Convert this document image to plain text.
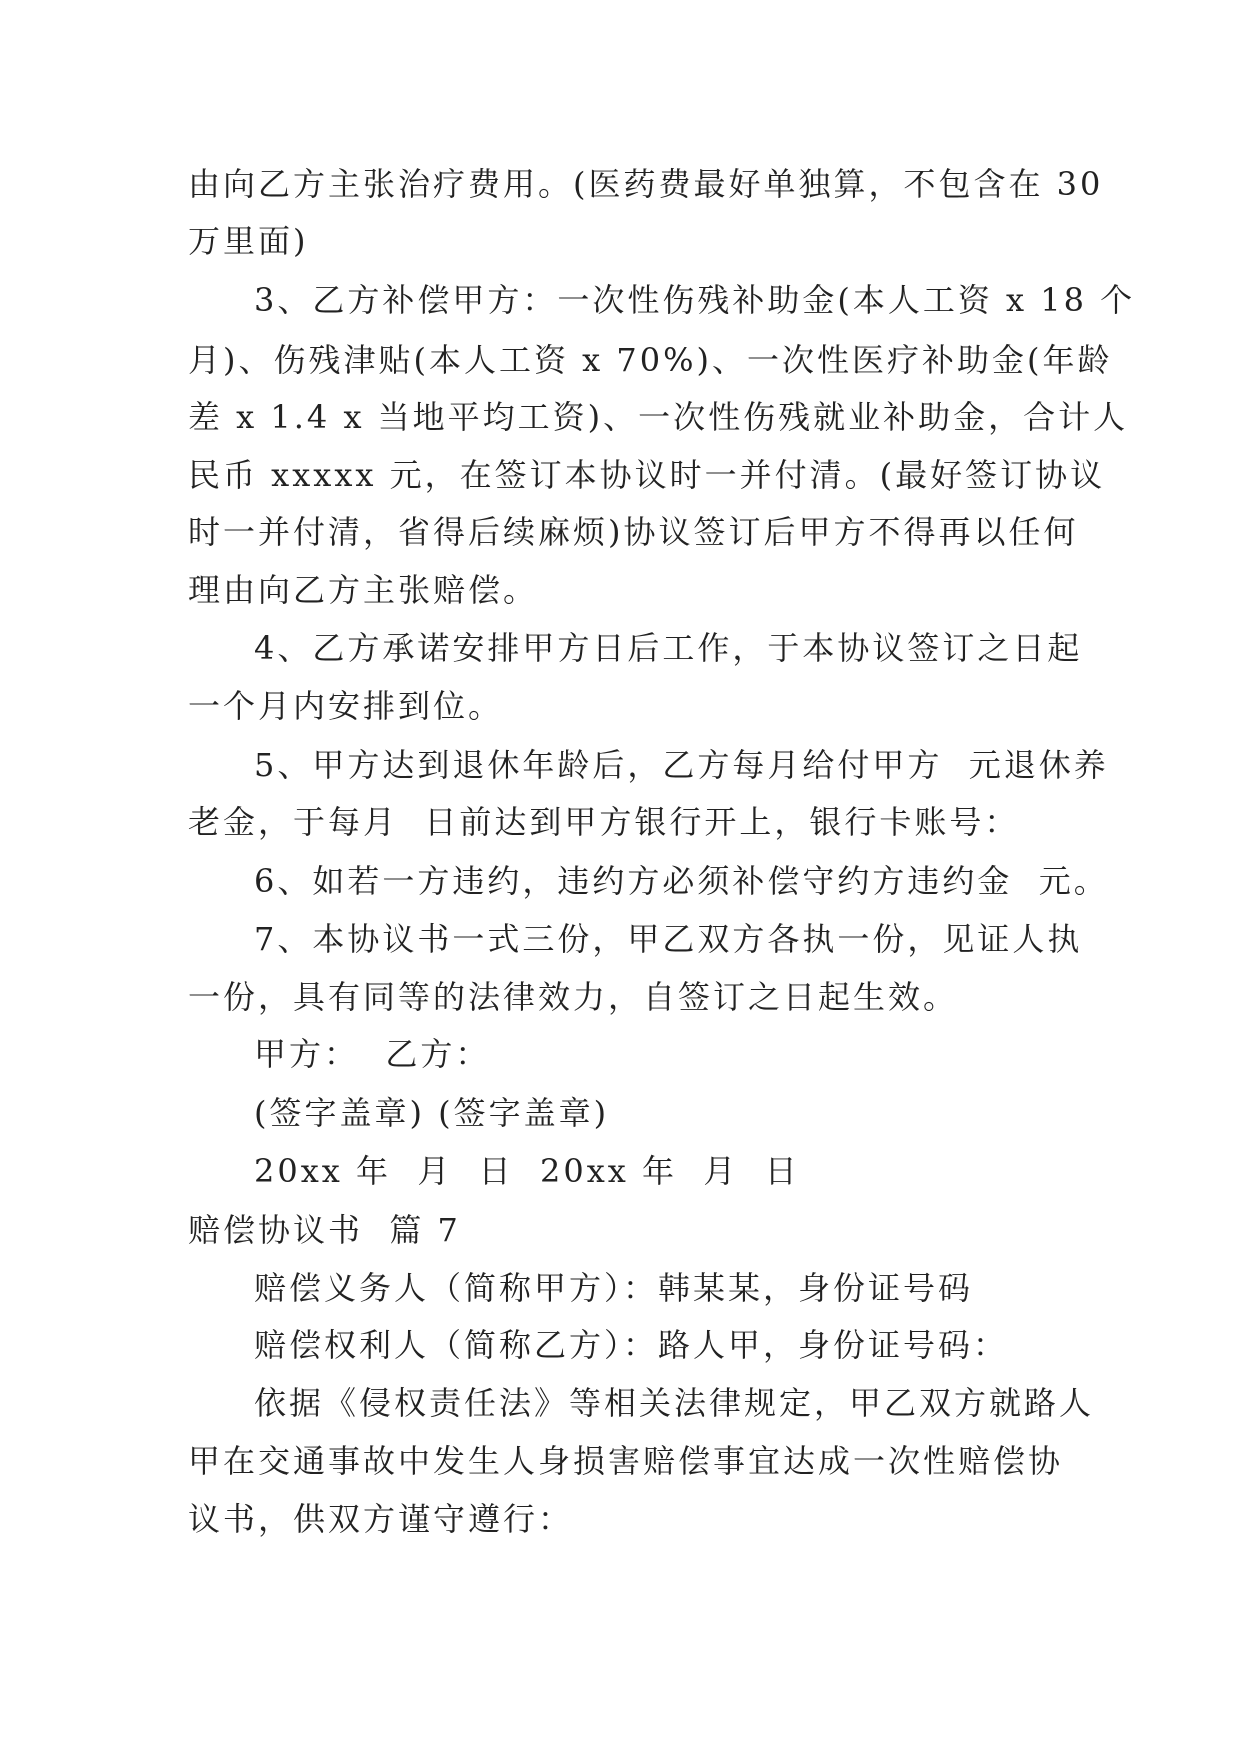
由向乙方主张治疗费用。(医药费最好单独算，不包含在 30
万里面)
3、乙方补偿甲方：一次性伤残补助金(本人工资 x 18 个
月)、伤残津贴(本人工资 x 70%)、一次性医疗补助金(年龄
差 x 1.4 x 当地平均工资)、一次性伤残就业补助金，合计人
民币 xxxxx 元，在签订本协议时一并付清。(最好签订协议
时一并付清，省得后续麻烦)协议签订后甲方不得再以任何
理由向乙方主张赔偿。
4、乙方承诺安排甲方日后工作，于本协议签订之日起
一个月内安排到位。
5、甲方达到退休年龄后，乙方每月给付甲方  元退休养
老金，于每月  日前达到甲方银行开上，银行卡账号：
6、如若一方违约，违约方必须补偿守约方违约金  元。
7、本协议书一式三份，甲乙双方各执一份，见证人执
一份，具有同等的法律效力，自签订之日起生效。
甲方：  乙方：
(签字盖章) (签字盖章)
20xx 年  月  日  20xx 年  月  日
赔偿协议书  篇 7
赔偿义务人（简称甲方）：韩某某，身份证号码
赔偿权利人（简称乙方）：路人甲，身份证号码：
依据《侵权责任法》等相关法律规定，甲乙双方就路人
甲在交通事故中发生人身损害赔偿事宜达成一次性赔偿协
议书，供双方谨守遵行：
